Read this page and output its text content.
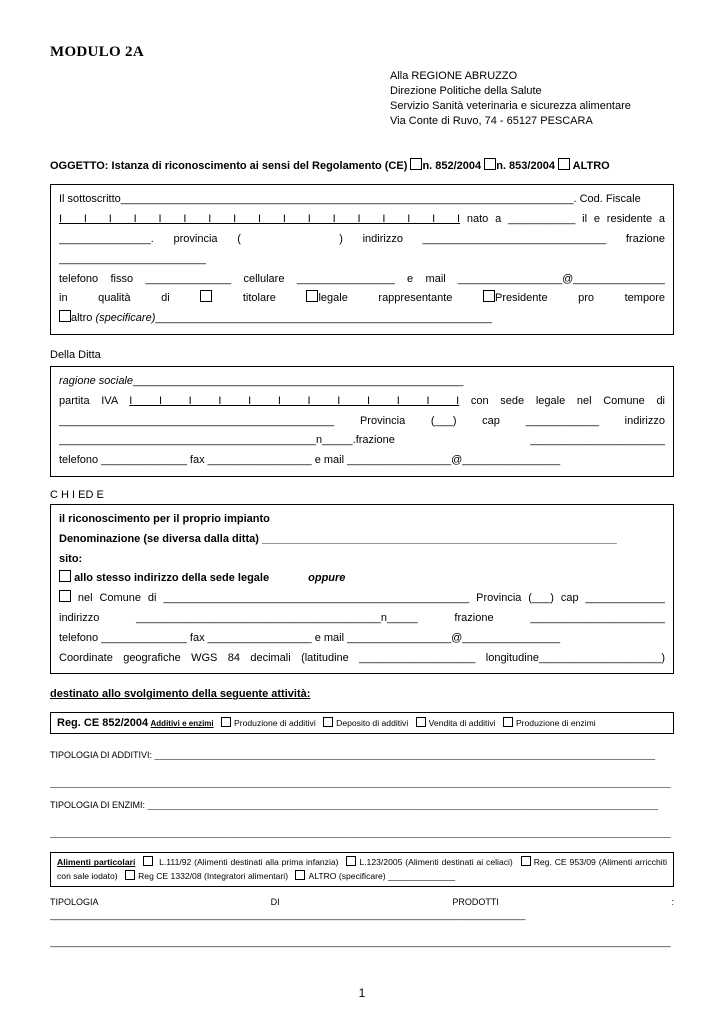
MODULO 2A
Alla REGIONE ABRUZZO
Direzione Politiche della Salute
Servizio Sanità veterinaria e sicurezza alimentare
Via Conte di Ruvo, 74 - 65127 PESCARA
OGGETTO: Istanza di riconoscimento ai sensi del Regolamento (CE) n. 852/2004 n. 853/2004 ALTRO
Il sottoscritto__________________________________________________________________________. Cod. Fiscale
I I I I I I I I I I I I I I I I I nato a ___________ il e residente a
_______________. provincia (     ) indirizzo ______________________________ frazione
________________________
telefono fisso ______________ cellulare ________________ e mail _________________@_______________
in qualità di	titolare	legale rappresentante	Presidente pro tempore
altro (specificare)_______________________________________________________
Della Ditta
ragione sociale______________________________________________________
partita IVA I I I I I I I I I I I I con sede legale nel Comune di
_____________________________________________ Provincia (___) cap ____________ indirizzo
__________________________________________n_____.frazione ______________________
telefono ______________ fax _________________ e mail _________________@________________
C H I ED E
il riconoscimento per il proprio impianto
Denominazione (se diversa dalla ditta) __________________________________________________________
sito:
allo stesso indirizzo della sede legale	oppure
nel Comune di __________________________________________________ Provincia (___) cap _____________
indirizzo ________________________________________n_____ frazione ______________________
telefono ______________ fax _________________ e mail _________________@________________
Coordinate geografiche WGS 84 decimali (latitudine ___________________ longitudine____________________)
destinato allo svolgimento della seguente attività:
Reg. CE 852/2004 Additivi e enzimi Produzione di additivi Deposito di additivi Vendita di additivi Produzione di enzimi
TIPOLOGIA DI ADDITIVI: ____________________________________________________________________________________________________
____________________________________________________________________________________________________________________________
TIPOLOGIA DI ENZIMI: ______________________________________________________________________________________________________
____________________________________________________________________________________________________________________________
Alimenti particolari	L.111/92 (Alimenti destinati alla prima infanzia) L.123/2005 (Alimenti destinati ai celiaci) Reg. CE 953/09 (Alimenti arricchiti con sale iodato) Reg CE 1332/08 (Integratori alimentari) ALTRO (specificare) ______________
TIPOLOGIA DI PRODOTTI :
_______________________________________________________________________________________________
____________________________________________________________________________________________________________________________
1
